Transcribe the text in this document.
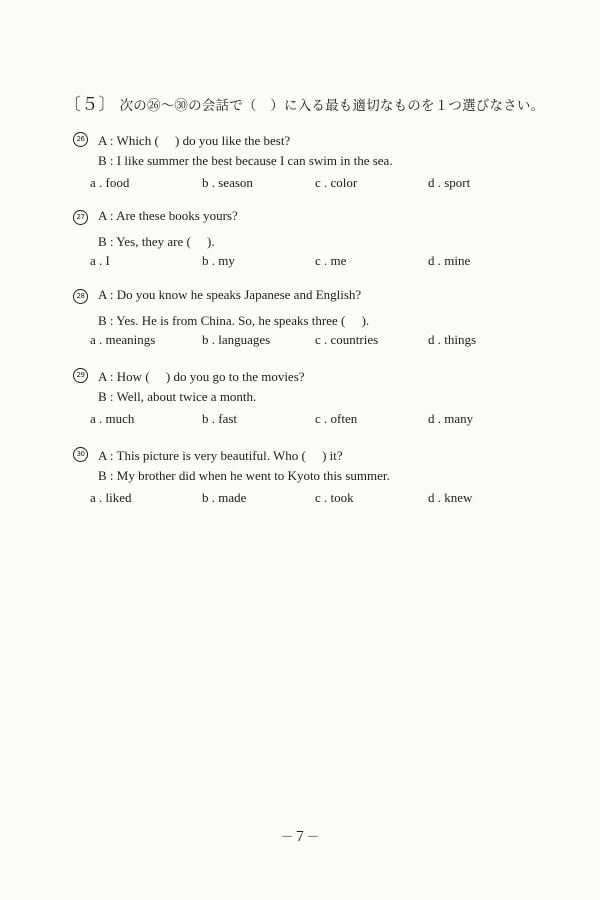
〔５〕 次の㉖～㉚の会話で（　）に入る最も適切なものを１つ選びなさい。
26 A : Which (　 ) do you like the best?
B : I like summer the best because I can swim in the sea.
a . food	b . season	c . color	d . sport
27 A : Are these books yours?
B : Yes, they are (　 ).
a . I	b . my	c . me	d . mine
28 A : Do you know he speaks Japanese and English?
B : Yes. He is from China. So, he speaks three (　 ).
a . meanings	b . languages	c . countries	d . things
29 A : How (　 ) do you go to the movies?
B : Well, about twice a month.
a . much	b . fast	c . often	d . many
30 A : This picture is very beautiful. Who (　 ) it?
B : My brother did when he went to Kyoto this summer.
a . liked	b . made	c . took	d . knew
－７－
